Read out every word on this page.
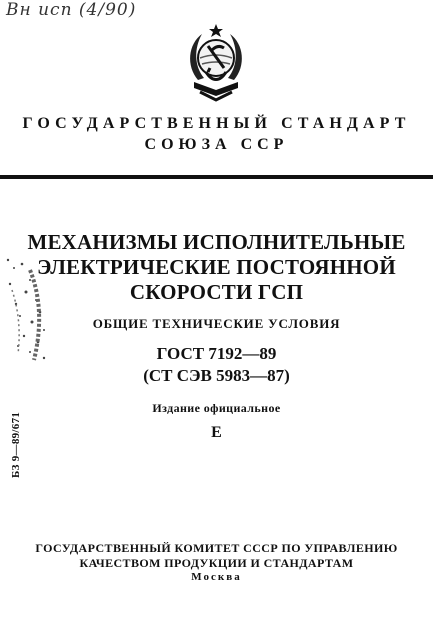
Вн исп (4/90)
ГОСУДАРСТВЕННЫЙ СТАНДАРТ
СОЮЗА ССР
МЕХАНИЗМЫ ИСПОЛНИТЕЛЬНЫЕ
ЭЛЕКТРИЧЕСКИЕ ПОСТОЯННОЙ
СКОРОСТИ ГСП
ОБЩИЕ ТЕХНИЧЕСКИЕ УСЛОВИЯ
ГОСТ 7192—89
(СТ СЭВ 5983—87)
Издание официальное
Е
БЗ 9—89/671
ГОСУДАРСТВЕННЫЙ КОМИТЕТ СССР ПО УПРАВЛЕНИЮ
КАЧЕСТВОМ ПРОДУКЦИИ И СТАНДАРТАМ
Москва
